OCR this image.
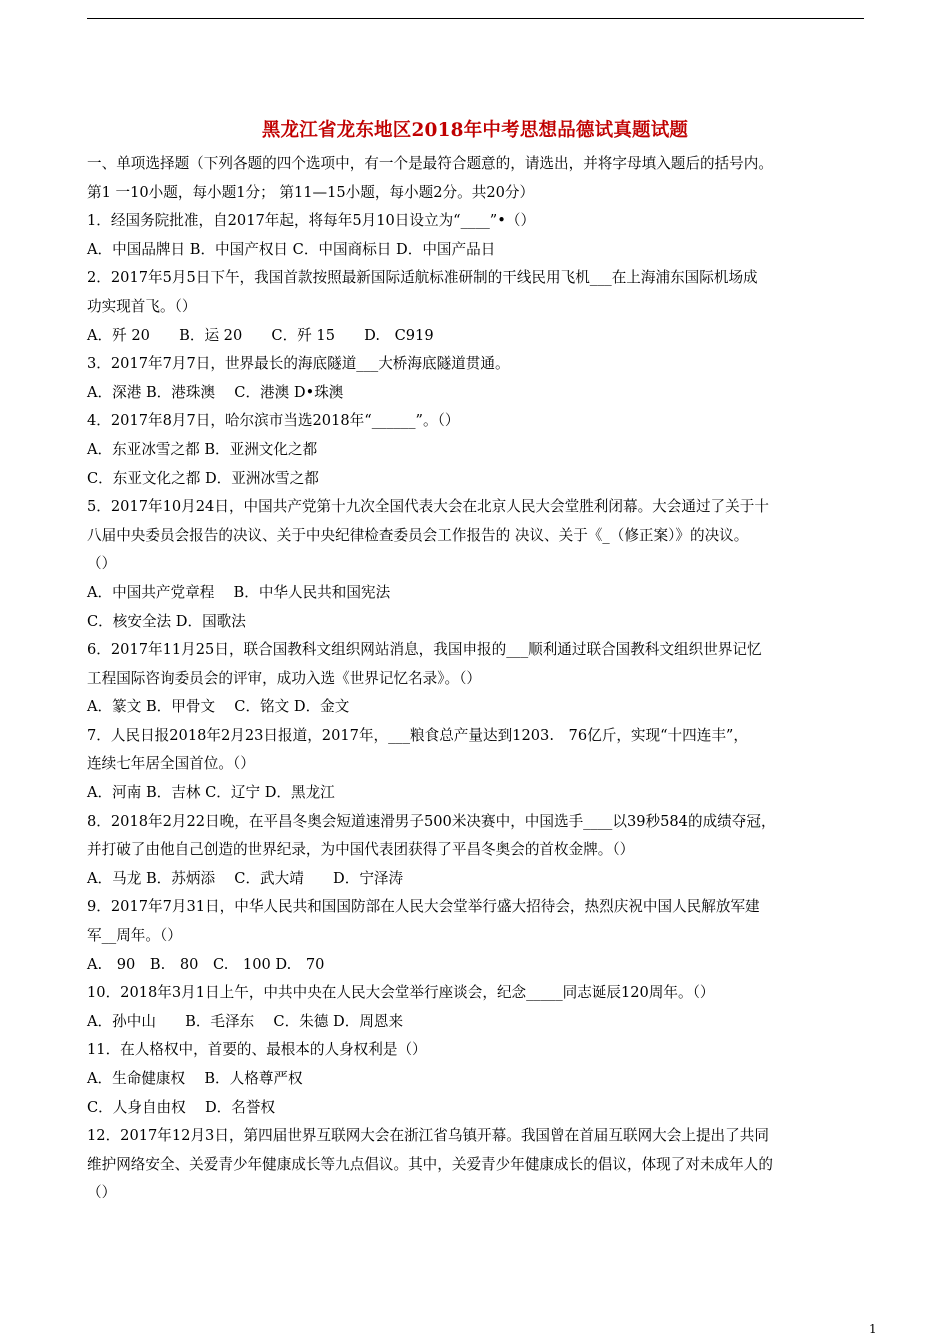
黑龙江省龙东地区2018年中考思想品德试真题试题
一、单项选择题（下列各题的四个选项中，有一个是最符合题意的，请选出，并将字母填入题后的括号内。
第1 一10小题，每小题1分； 第11—15小题，每小题2分。共20分）
1．经国务院批准，自2017年起，将每年5月10日设立为“____”•（）
A．中国品牌日 B．中国产权日 C．中国商标日 D．中国产品日
2．2017年5月5日下午，我国首款按照最新国际适航标准研制的干线民用飞机___在上海浦东国际机场成
功实现首飞。（）
A．歼 20　　B．运 20　　C．歼 15　　D.　C919
3．2017年7月7日，世界最长的海底隧道___大桥海底隧道贯通。
A．深港 B．港珠澳　 C．港澳 D•珠澳
4．2017年8月7日，哈尔滨市当选2018年“______”。（）
A．东亚冰雪之都 B．亚洲文化之都
C．东亚文化之都 D．亚洲冰雪之都
5．2017年10月24日，中国共产党第十九次全国代表大会在北京人民大会堂胜利闭幕。大会通过了关于十
八届中央委员会报告的决议、关于中央纪律检查委员会工作报告的 决议、关于《_（修正案）》的决议。
（）
A．中国共产党章程　 B．中华人民共和国宪法
C．核安全法 D．国歌法
6．2017年11月25日，联合国教科文组织网站消息，我国申报的___顺利通过联合国教科文组织世界记忆
工程国际咨询委员会的评审，成功入选《世界记忆名录》。（）
A．篆文 B．甲骨文　 C．铭文 D．金文
7．人民日报2018年2月23日报道，2017年，___粮食总产量达到1203.　76亿斤，实现“十四连丰”，
连续七年居全国首位。（）
A．河南 B．吉林 C．辽宁 D．黑龙江
8．2018年2月22日晚，在平昌冬奥会短道速滑男子500米决赛中，中国选手____以39秒584的成绩夺冠，
并打破了由他自己创造的世界纪录，为中国代表团获得了平昌冬奥会的首枚金牌。（）
A．马龙 B．苏炳添　 C．武大靖　　D．宁泽涛
9．2017年7月31日，中华人民共和国国防部在人民大会堂举行盛大招待会，热烈庆祝中国人民解放军建
军__周年。（）
A.　90　B.　80　C.　100 D.　70
10．2018年3月1日上午，中共中央在人民大会堂举行座谈会，纪念_____同志诞辰120周年。（）
A．孙中山　　B．毛泽东　 C．朱德 D．周恩来
11．在人格权中，首要的、最根本的人身权利是（）
A．生命健康权　 B．人格尊严权
C．人身自由权　 D．名誉权
12．2017年12月3日，第四届世界互联网大会在浙江省乌镇开幕。我国曾在首届互联网大会上提出了共同
维护网络安全、关爱青少年健康成长等九点倡议。其中，关爱青少年健康成长的倡议，体现了对未成年人的
（）
1
